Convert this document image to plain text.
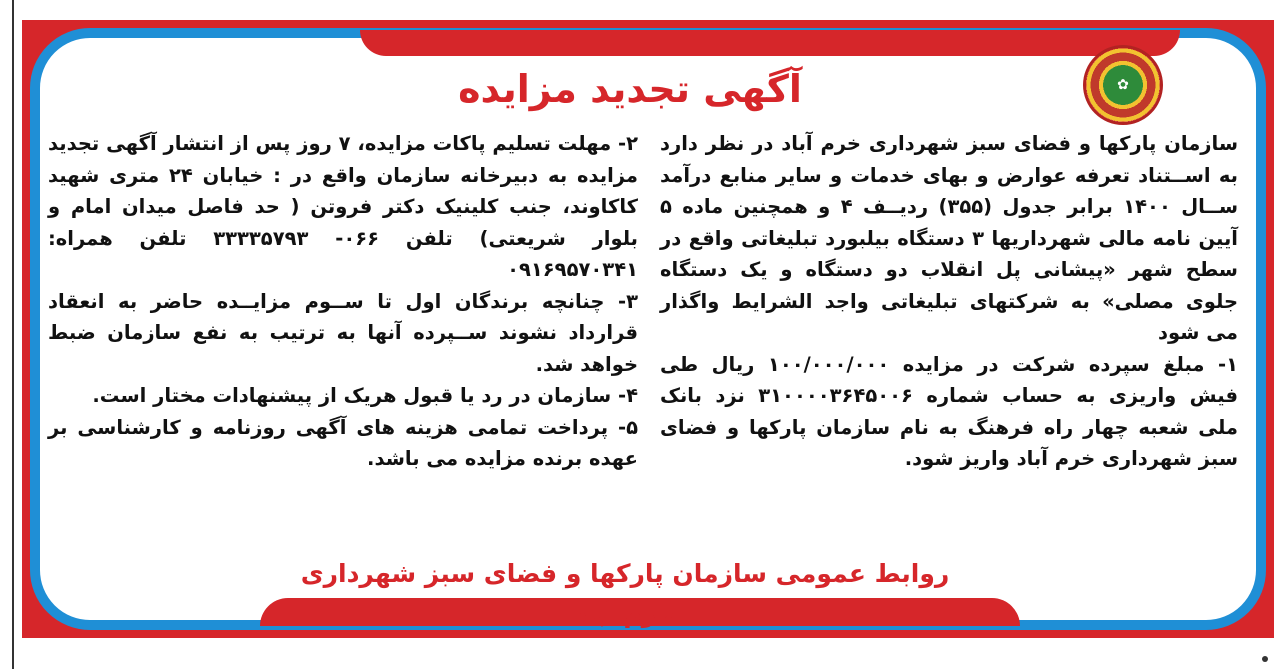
✿
آگهی تجدید مزایده

سازمان پارکها و فضای سبز شهرداری خرم آباد در نظر دارد به اســتناد تعرفه عوارض و بهای خدمات و سایر منابع درآمد ســال ۱۴۰۰ برابر جدول (۳۵۵) ردیــف ۴ و همچنین ماده ۵ آیین نامه مالی شهرداریها ۳ دستگاه بیلبورد تبلیغاتی واقع در سطح شهر «پیشانی پل انقلاب دو دستگاه و یک دستگاه جلوی مصلی» به شرکتهای تبلیغاتی واجد الشرایط واگذار می شود

۱- مبلغ سپرده شرکت در مزایده ۱۰۰/۰۰۰/۰۰۰ ریال طی فیش واریزی به حساب شماره ۳۱۰۰۰۰۳۶۴۵۰۰۶ نزد بانک ملی شعبه چهار راه فرهنگ به نام سازمان پارکها و فضای سبز شهرداری خرم آباد واریز شود.

۲- مهلت تسلیم پاکات مزایده، ۷ روز پس از انتشار آگهی تجدید مزایده به دبیرخانه سازمان واقع در : خیابان ۲۴ متری شهید کاکاوند، جنب کلینیک دکتر فروتن ( حد فاصل میدان امام و بلوار شریعتی) تلفن ۰۶۶- ۳۳۳۳۵۷۹۳ تلفن همراه: ۰۹۱۶۹۵۷۰۳۴۱

۳- چنانچه برندگان اول تا ســوم مزایــده حاضر به انعقاد قرارداد نشوند ســپرده آنها به ترتیب به نفع سازمان ضبط خواهد شد.

۴- سازمان در رد یا قبول هریک از پیشنهادات مختار است.

۵- پرداخت تمامی هزینه های آگهی روزنامه و کارشناسی بر عهده برنده مزایده می باشد.

روابط عمومی سازمان پارکها و فضای سبز شهرداری خرم آباد
